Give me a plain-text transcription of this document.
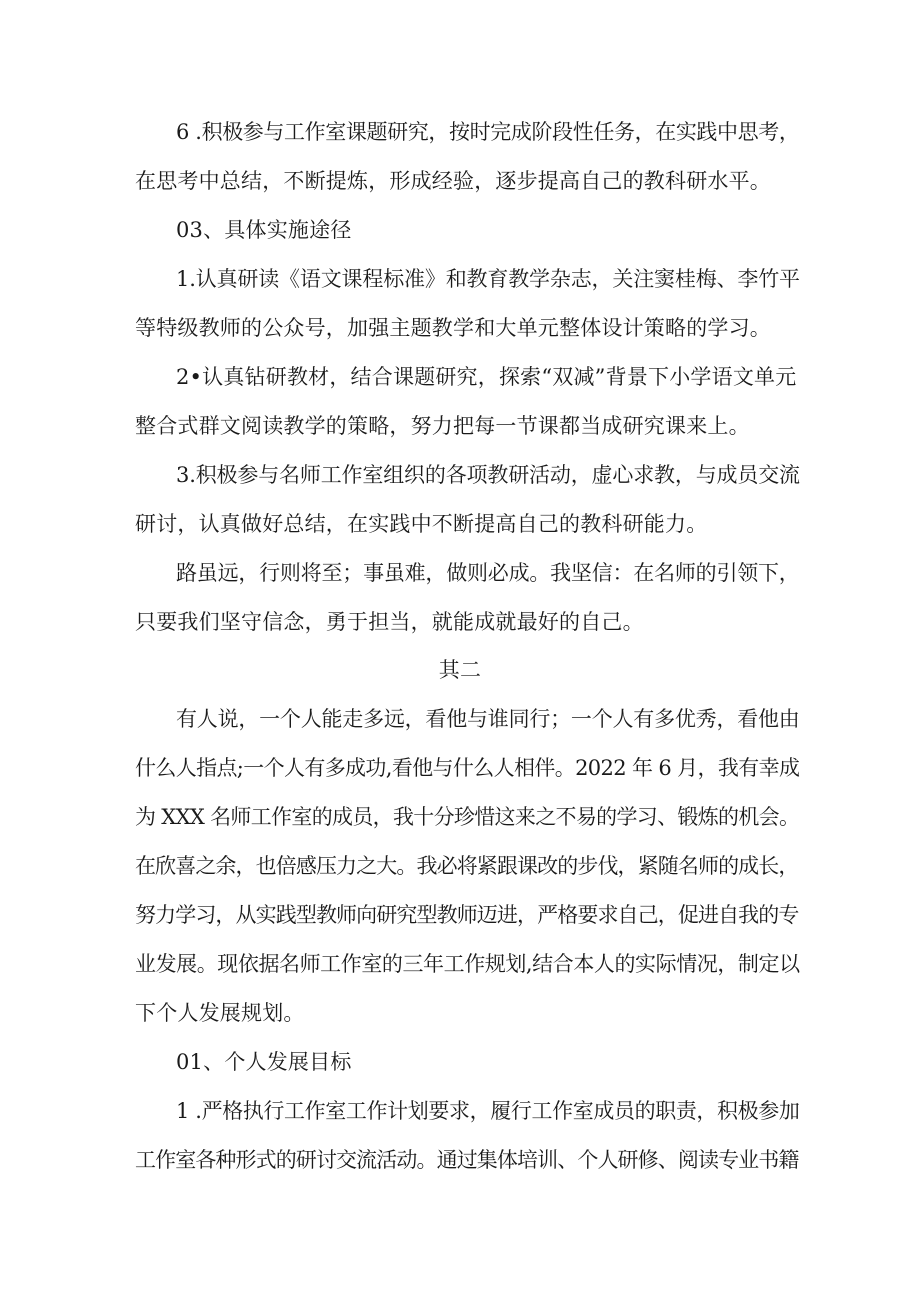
6 .积极参与工作室课题研究，按时完成阶段性任务，在实践中思考，
在思考中总结，不断提炼，形成经验，逐步提高自己的教科研水平。
03、具体实施途径
1.认真研读《语文课程标准》和教育教学杂志，关注窦桂梅、李竹平
等特级教师的公众号，加强主题教学和大单元整体设计策略的学习。
2•认真钻研教材，结合课题研究，探索“双减”背景下小学语文单元
整合式群文阅读教学的策略，努力把每一节课都当成研究课来上。
3.积极参与名师工作室组织的各项教研活动，虚心求教，与成员交流
研讨，认真做好总结，在实践中不断提高自己的教科研能力。
路虽远，行则将至；事虽难，做则必成。我坚信：在名师的引领下，
只要我们坚守信念，勇于担当，就能成就最好的自己。
其二
有人说，一个人能走多远，看他与谁同行；一个人有多优秀，看他由
什么人指点;一个人有多成功,看他与什么人相伴。2022 年 6 月，我有幸成
为 XXX 名师工作室的成员，我十分珍惜这来之不易的学习、锻炼的机会。
在欣喜之余，也倍感压力之大。我必将紧跟课改的步伐，紧随名师的成长，
努力学习，从实践型教师向研究型教师迈进，严格要求自己，促进自我的专
业发展。现依据名师工作室的三年工作规划,结合本人的实际情况，制定以
下个人发展规划。
01、个人发展目标
1 .严格执行工作室工作计划要求，履行工作室成员的职责，积极参加
工作室各种形式的研讨交流活动。通过集体培训、个人研修、阅读专业书籍
